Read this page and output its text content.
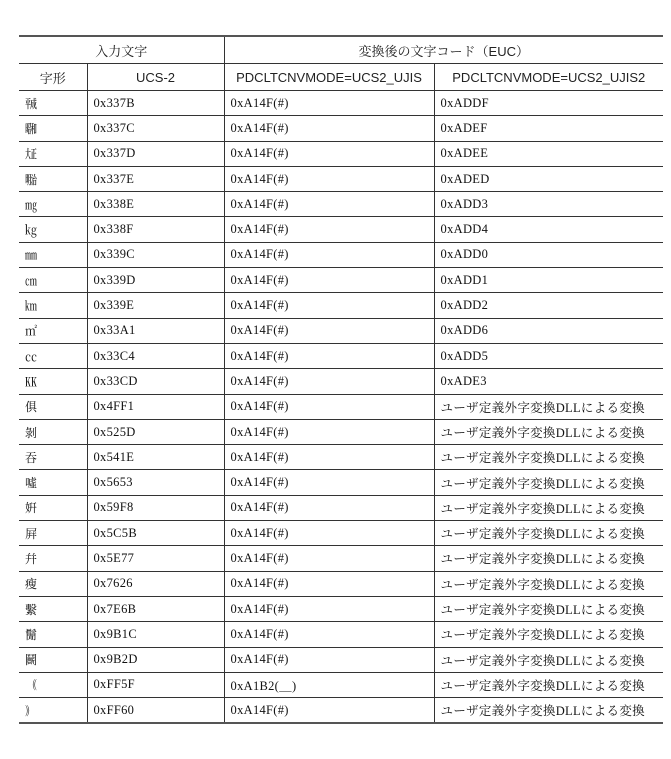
入力文字		変換後の文字コード（EUC）	
字形	UCS-2	PDCLTCNVMODE=UCS2_UJIS	PDCLTCNVMODE=UCS2_UJIS2
㍻	0x337B	0xA14F(#)	0xADDF
㍼	0x337C	0xA14F(#)	0xADEF
㍽	0x337D	0xA14F(#)	0xADEE
㍾	0x337E	0xA14F(#)	0xADED
㎎	0x338E	0xA14F(#)	0xADD3
㎏	0x338F	0xA14F(#)	0xADD4
㎜	0x339C	0xA14F(#)	0xADD0
㎝	0x339D	0xA14F(#)	0xADD1
㎞	0x339E	0xA14F(#)	0xADD2
㎡	0x33A1	0xA14F(#)	0xADD6
㏄	0x33C4	0xA14F(#)	0xADD5
㏍	0x33CD	0xA14F(#)	0xADE3
俱	0x4FF1	0xA14F(#)	ユーザ定義外字変換DLLによる変換
剝	0x525D	0xA14F(#)	ユーザ定義外字変換DLLによる変換
吞	0x541E	0xA14F(#)	ユーザ定義外字変換DLLによる変換
噓	0x5653	0xA14F(#)	ユーザ定義外字変換DLLによる変換
姸	0x59F8	0xA14F(#)	ユーザ定義外字変換DLLによる変換
屛	0x5C5B	0xA14F(#)	ユーザ定義外字変換DLLによる変換
幷	0x5E77	0xA14F(#)	ユーザ定義外字変換DLLによる変換
瘦	0x7626	0xA14F(#)	ユーザ定義外字変換DLLによる変換
繫	0x7E6B	0xA14F(#)	ユーザ定義外字変換DLLによる変換
鬜	0x9B1C	0xA14F(#)	ユーザ定義外字変換DLLによる変換
鬭	0x9B2D	0xA14F(#)	ユーザ定義外字変換DLLによる変換
｟	0xFF5F	0xA1B2(＿)	ユーザ定義外字変換DLLによる変換
｠	0xFF60	0xA14F(#)	ユーザ定義外字変換DLLによる変換
